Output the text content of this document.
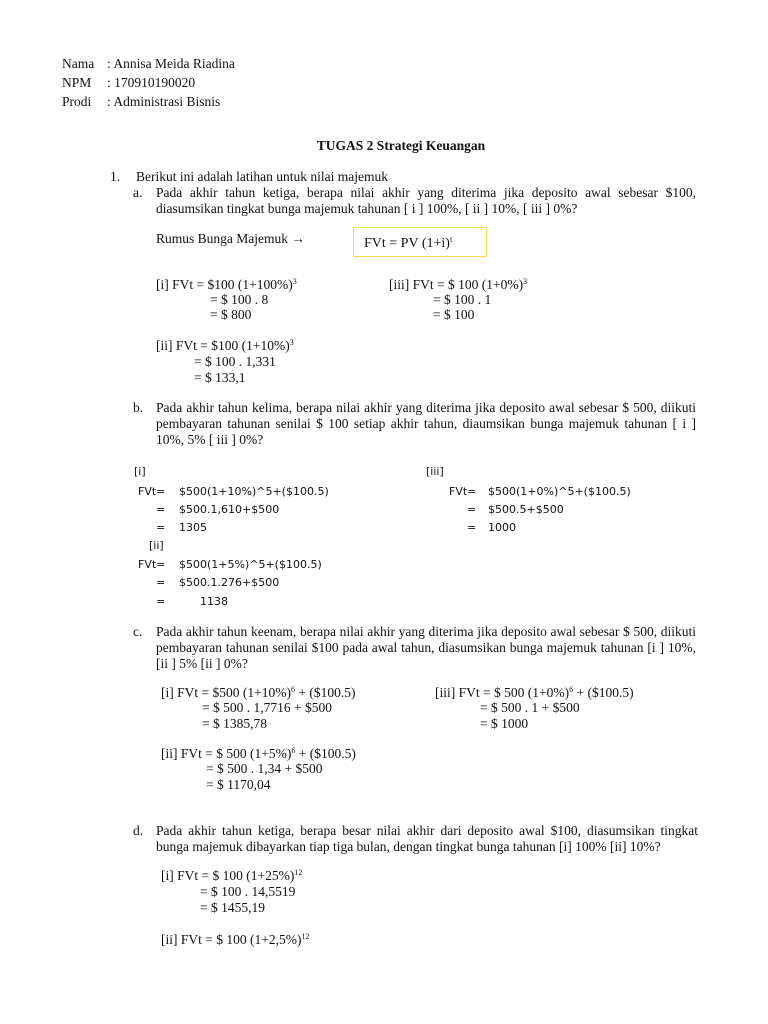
Nama : Annisa Meida Riadina
NPM : 170910190020
Prodi : Administrasi Bisnis
TUGAS 2 Strategi Keuangan
1. Berikut ini adalah latihan untuk nilai majemuk
a. Pada akhir tahun ketiga, berapa nilai akhir yang diterima jika deposito awal sebesar $100, diasumsikan tingkat bunga majemuk tahunan [ i ] 100%, [ ii ] 10%, [ iii ] 0%?
Rumus Bunga Majemuk →	FVt = PV $(1+i)^t$
[i] FVt = $100 $(1+100\%)^3$
= $ 100 . 8
= $ 800
[iii] FVt = $ 100 $(1+0\%)^3$
= $ 100 . 1
= $ 100
[ii] FVt = $100 $(1+10\%)^3$
= $ 100 . 1,331
= $ 133,1
b. Pada akhir tahun kelima, berapa nilai akhir yang diterima jika deposito awal sebesar $ 500, diikuti pembayaran tahunan senilai $ 100 setiap akhir tahun, diaumsikan bunga majemuk tahunan [ i ] 10%, 5% [ iii ] 0%?
[i]
FVt= $500(1+10%)^5+($100.5)
= $500.1,610+$500
= 1305
[iii]
FVt= $500(1+0%)^5+($100.5)
= $500.5+$500
= 1000
[ii]
FVt= $500(1+5%)^5+($100.5)
= $500.1.276+$500
=	1138
c. Pada akhir tahun keenam, berapa nilai akhir yang diterima jika deposito awal sebesar $ 500, diikuti pembayaran tahunan senilai $100 pada awal tahun, diasumsikan bunga majemuk tahunan [i ] 10%, [ii ] 5% [ii ] 0%?
[i] FVt = $500 $(1+10\%)^6$ + ($100.5)
= $ 500 . 1,7716 + $500
= $ 1385,78
[iii] FVt = $ 500 $(1+0\%)^6$ + ($100.5)
= $ 500 . 1 + $500
= $ 1000
[ii] FVt = $ 500 $(1+5\%)^6$ + ($100.5)
= $ 500 . 1,34 + $500
= $ 1170,04
d. Pada akhir tahun ketiga, berapa besar nilai akhir dari deposito awal $100, diasumsikan tingkat bunga majemuk dibayarkan tiap tiga bulan, dengan tingkat bunga tahunan [i] 100% [ii] 10%?
[i] FVt = $ 100 $(1+25\%)^{12}$
= $ 100 . 14,5519
= $ 1455,19
[ii] FVt = $ 100 $(1+2,5\%)^{12}$
